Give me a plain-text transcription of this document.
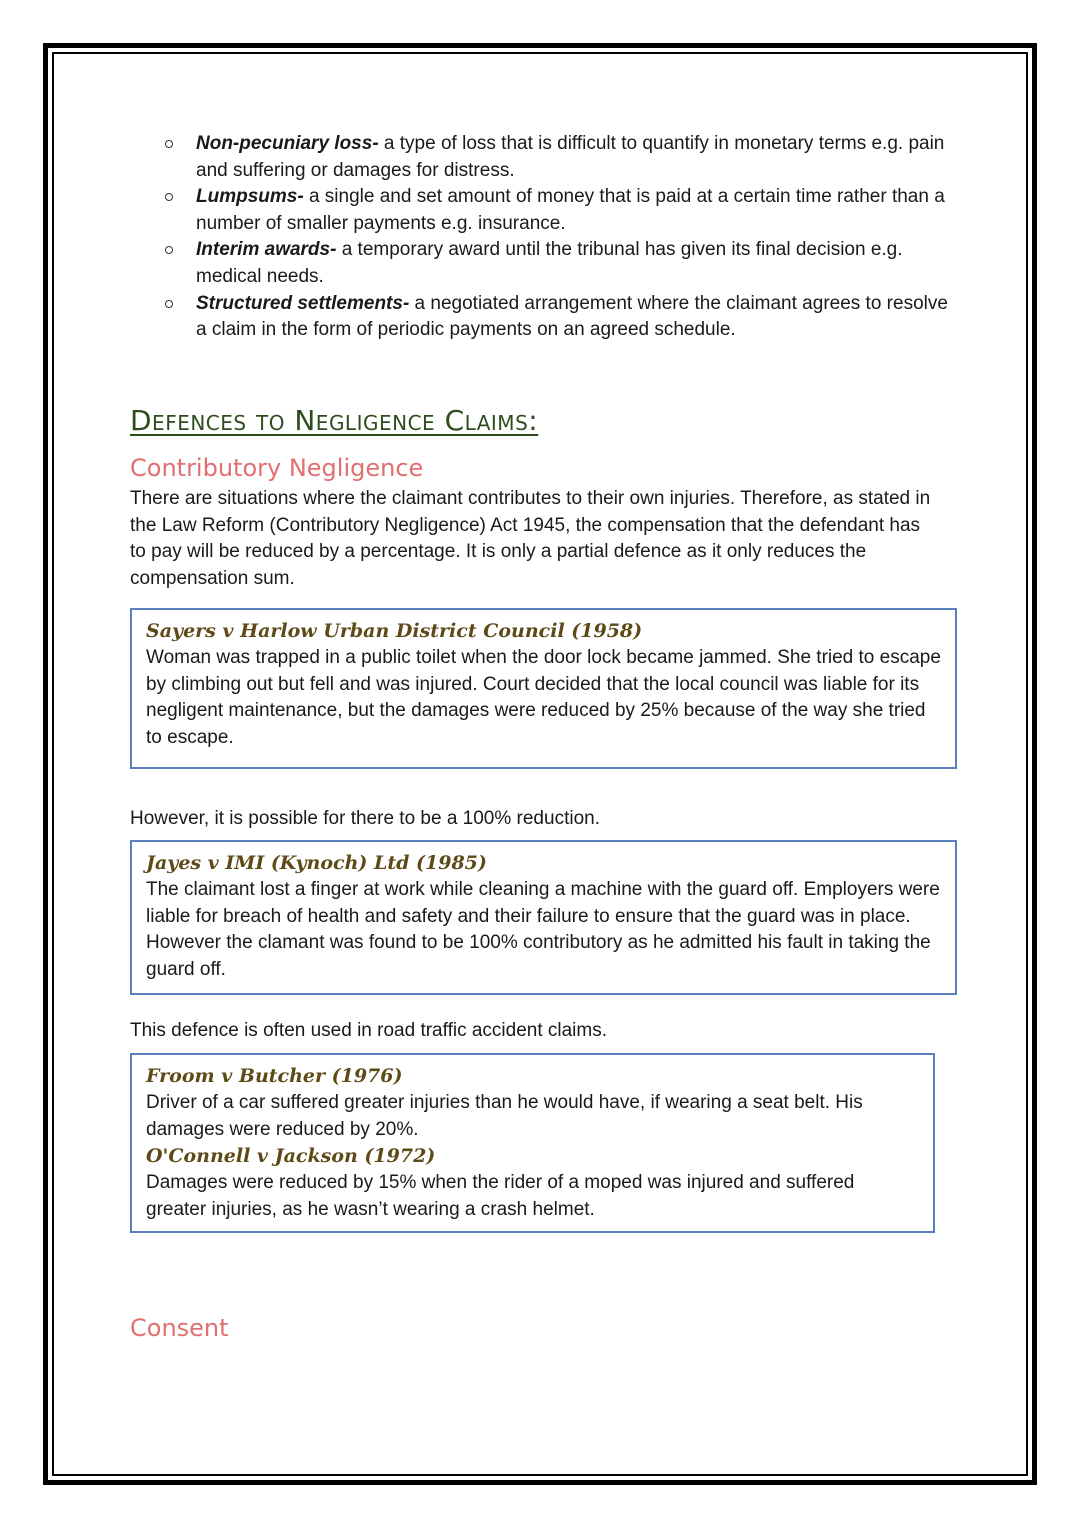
Non-pecuniary loss- a type of loss that is difficult to quantify in monetary terms e.g. pain and suffering or damages for distress.
Lumpsums- a single and set amount of money that is paid at a certain time rather than a number of smaller payments e.g. insurance.
Interim awards- a temporary award until the tribunal has given its final decision e.g. medical needs.
Structured settlements- a negotiated arrangement where the claimant agrees to resolve a claim in the form of periodic payments on an agreed schedule.
Defences to Negligence Claims:
Contributory Negligence

There are situations where the claimant contributes to their own injuries. Therefore, as stated in the Law Reform (Contributory Negligence) Act 1945, the compensation that the defendant has to pay will be reduced by a percentage. It is only a partial defence as it only reduces the compensation sum.

Sayers v Harlow Urban District Council (1958)

Woman was trapped in a public toilet when the door lock became jammed. She tried to escape by climbing out but fell and was injured. Court decided that the local council was liable for its negligent maintenance, but the damages were reduced by 25% because of the way she tried to escape.

However, it is possible for there to be a 100% reduction.

Jayes v IMI (Kynoch) Ltd (1985)

The claimant lost a finger at work while cleaning a machine with the guard off. Employers were liable for breach of health and safety and their failure to ensure that the guard was in place. However the clamant was found to be 100% contributory as he admitted his fault in taking the guard off.

This defence is often used in road traffic accident claims.

Froom v Butcher (1976)

Driver of a car suffered greater injuries than he would have, if wearing a seat belt. His damages were reduced by 20%.

O'Connell v Jackson (1972)

Damages were reduced by 15% when the rider of a moped was injured and suffered greater injuries, as he wasn’t wearing a crash helmet.

Consent
